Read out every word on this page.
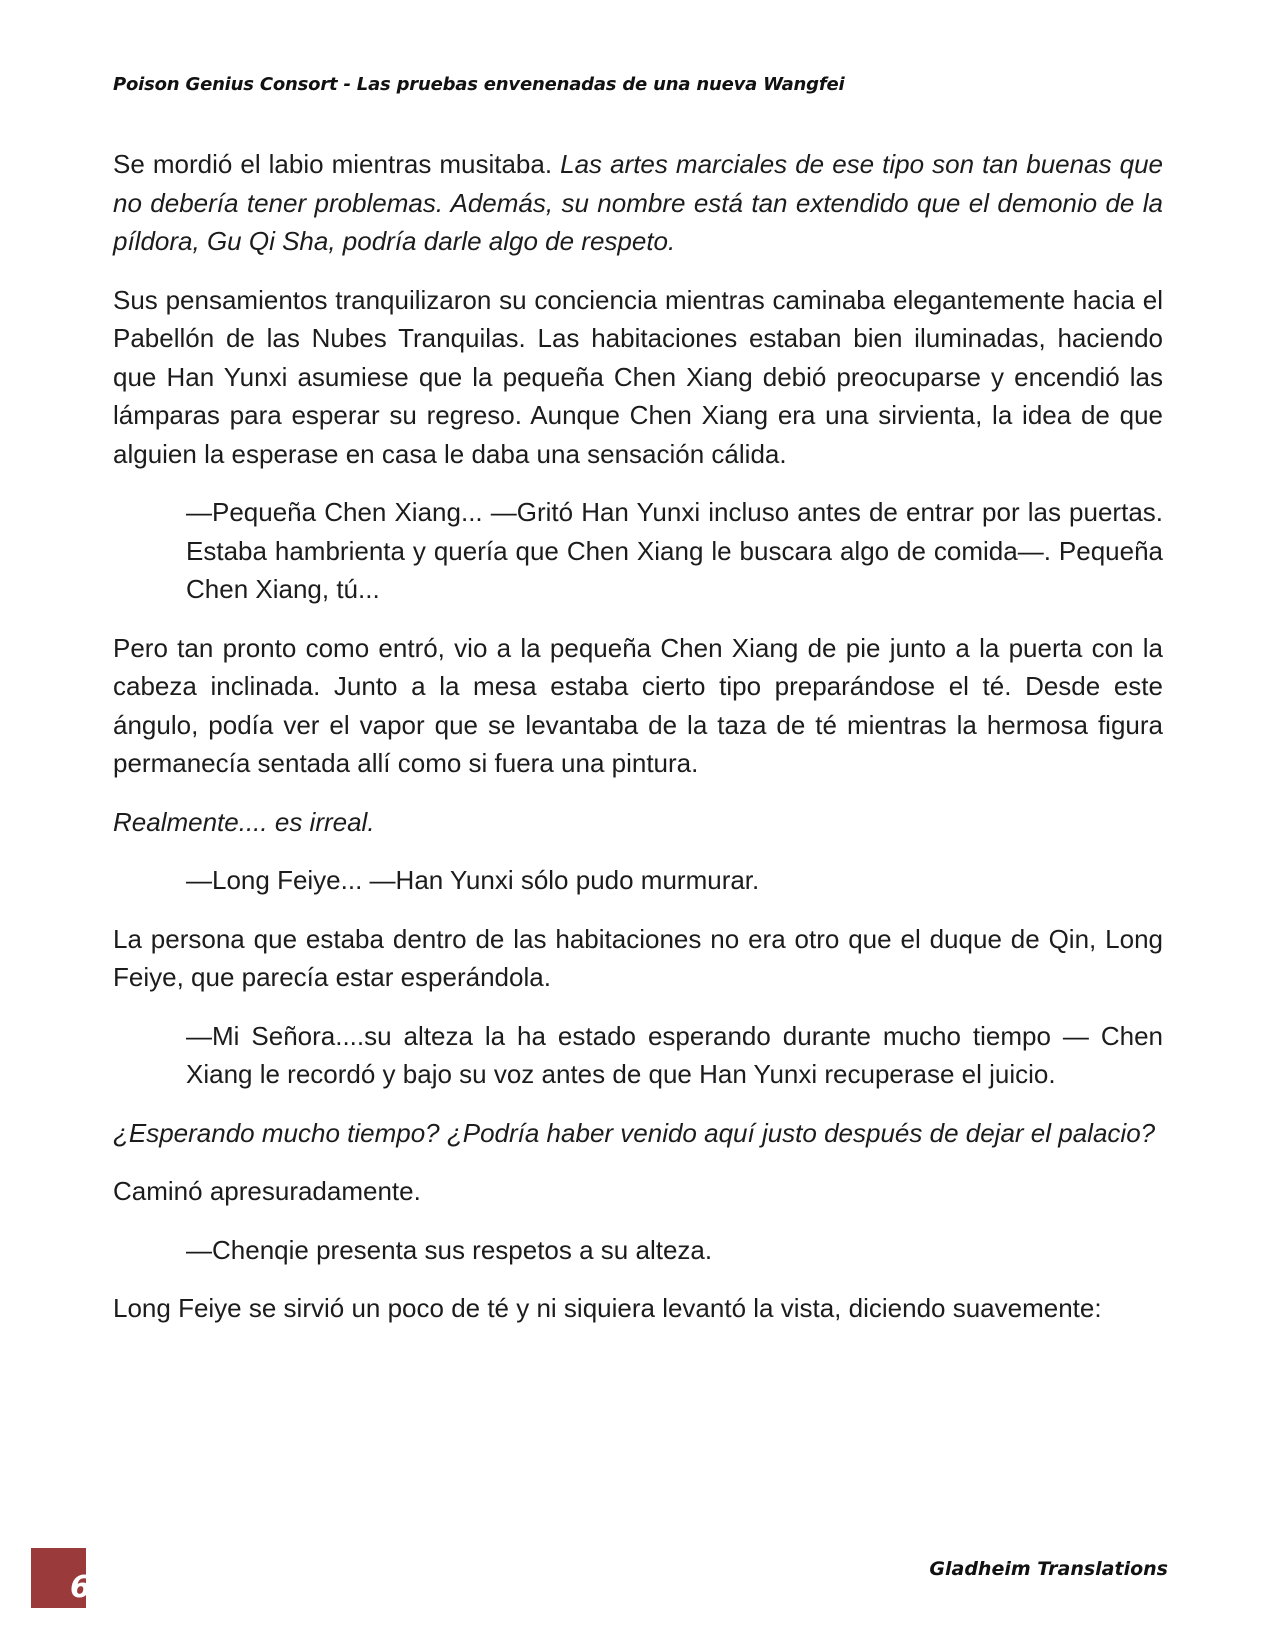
Poison Genius Consort - Las pruebas envenenadas de una nueva Wangfei

Se mordió el labio mientras musitaba. Las artes marciales de ese tipo son tan buenas que no debería tener problemas. Además, su nombre está tan extendido que el demonio de la píldora, Gu Qi Sha, podría darle algo de respeto.

Sus pensamientos tranquilizaron su conciencia mientras caminaba elegantemente hacia el Pabellón de las Nubes Tranquilas. Las habitaciones estaban bien iluminadas, haciendo que Han Yunxi asumiese que la pequeña Chen Xiang debió preocuparse y encendió las lámparas para esperar su regreso. Aunque Chen Xiang era una sirvienta, la idea de que alguien la esperase en casa le daba una sensación cálida.

—Pequeña Chen Xiang... —Gritó Han Yunxi incluso antes de entrar por las puertas. Estaba hambrienta y quería que Chen Xiang le buscara algo de comida—. Pequeña Chen Xiang, tú...

Pero tan pronto como entró, vio a la pequeña Chen Xiang de pie junto a la puerta con la cabeza inclinada. Junto a la mesa estaba cierto tipo preparándose el té. Desde este ángulo, podía ver el vapor que se levantaba de la taza de té mientras la hermosa figura permanecía sentada allí como si fuera una pintura.

Realmente.... es irreal.

—Long Feiye... —Han Yunxi sólo pudo murmurar.

La persona que estaba dentro de las habitaciones no era otro que el duque de Qin, Long Feiye, que parecía estar esperándola.

—Mi Señora....su alteza la ha estado esperando durante mucho tiempo — Chen Xiang le recordó y bajo su voz antes de que Han Yunxi recuperase el juicio.

¿Esperando mucho tiempo? ¿Podría haber venido aquí justo después de dejar el palacio?

Caminó apresuradamente.

—Chenqie presenta sus respetos a su alteza.

Long Feiye se sirvió un poco de té y ni siquiera levantó la vista, diciendo suavemente:

6
Gladheim Translations
